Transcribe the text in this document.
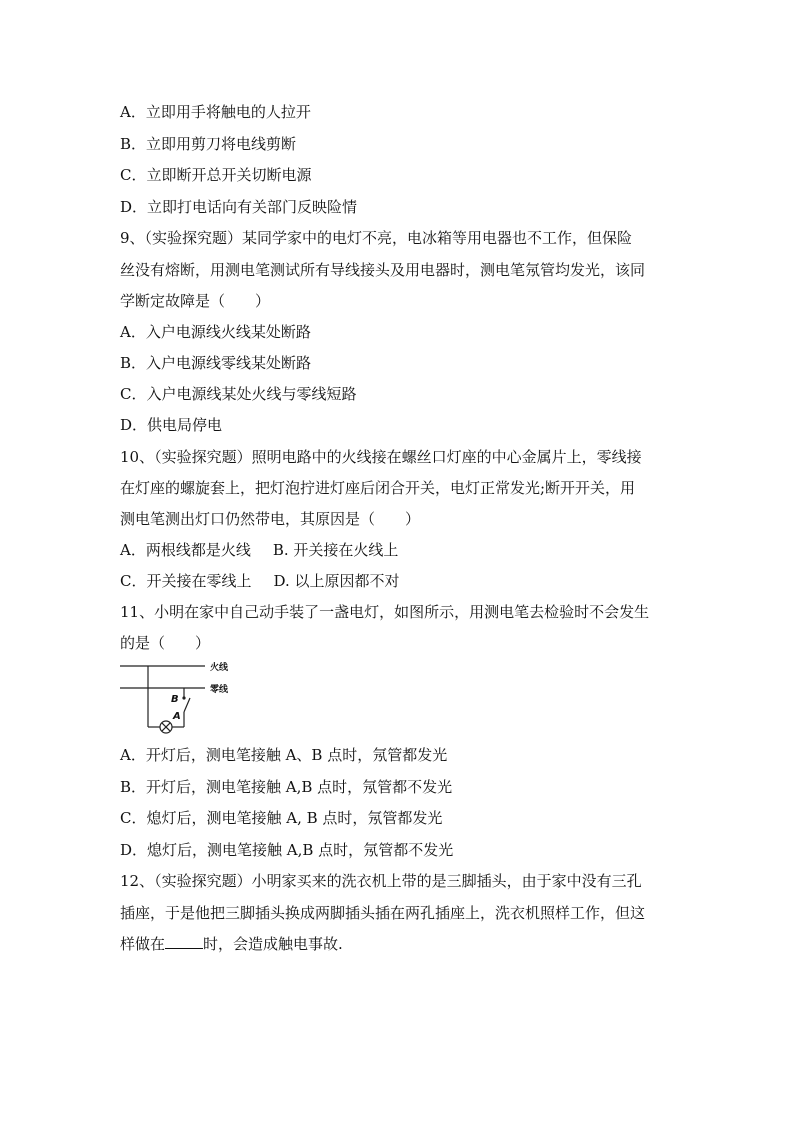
A．立即用手将触电的人拉开
B．立即用剪刀将电线剪断
C．立即断开总开关切断电源
D．立即打电话向有关部门反映险情
9、（实验探究题）某同学家中的电灯不亮，电冰箱等用电器也不工作，但保险
丝没有熔断，用测电笔测试所有导线接头及用电器时，测电笔氖管均发光，该同
学断定故障是（　　）
A．入户电源线火线某处断路
B．入户电源线零线某处断路
C．入户电源线某处火线与零线短路
D．供电局停电
10、（实验探究题）照明电路中的火线接在螺丝口灯座的中心金属片上，零线接
在灯座的螺旋套上，把灯泡拧进灯座后闭合开关，电灯正常发光;断开开关，用
测电笔测出灯口仍然带电，其原因是（　　）
A．两根线都是火线 B. 开关接在火线上
C．开关接在零线上 D. 以上原因都不对
11、小明在家中自己动手装了一盏电灯，如图所示，用测电笔去检验时不会发生
的是（　　）
火线
零线
B
A
A．开灯后，测电笔接触 A、B 点时，氖管都发光
B．开灯后，测电笔接触 A,B 点时，氖管都不发光
C．熄灯后，测电笔接触 A, B 点时，氖管都发光
D．熄灯后，测电笔接触 A,B 点时，氖管都不发光
12、（实验探究题）小明家买来的洗衣机上带的是三脚插头，由于家中没有三孔
插座，于是他把三脚插头换成两脚插头插在两孔插座上，洗衣机照样工作，但这
样做在	时，会造成触电事故.
